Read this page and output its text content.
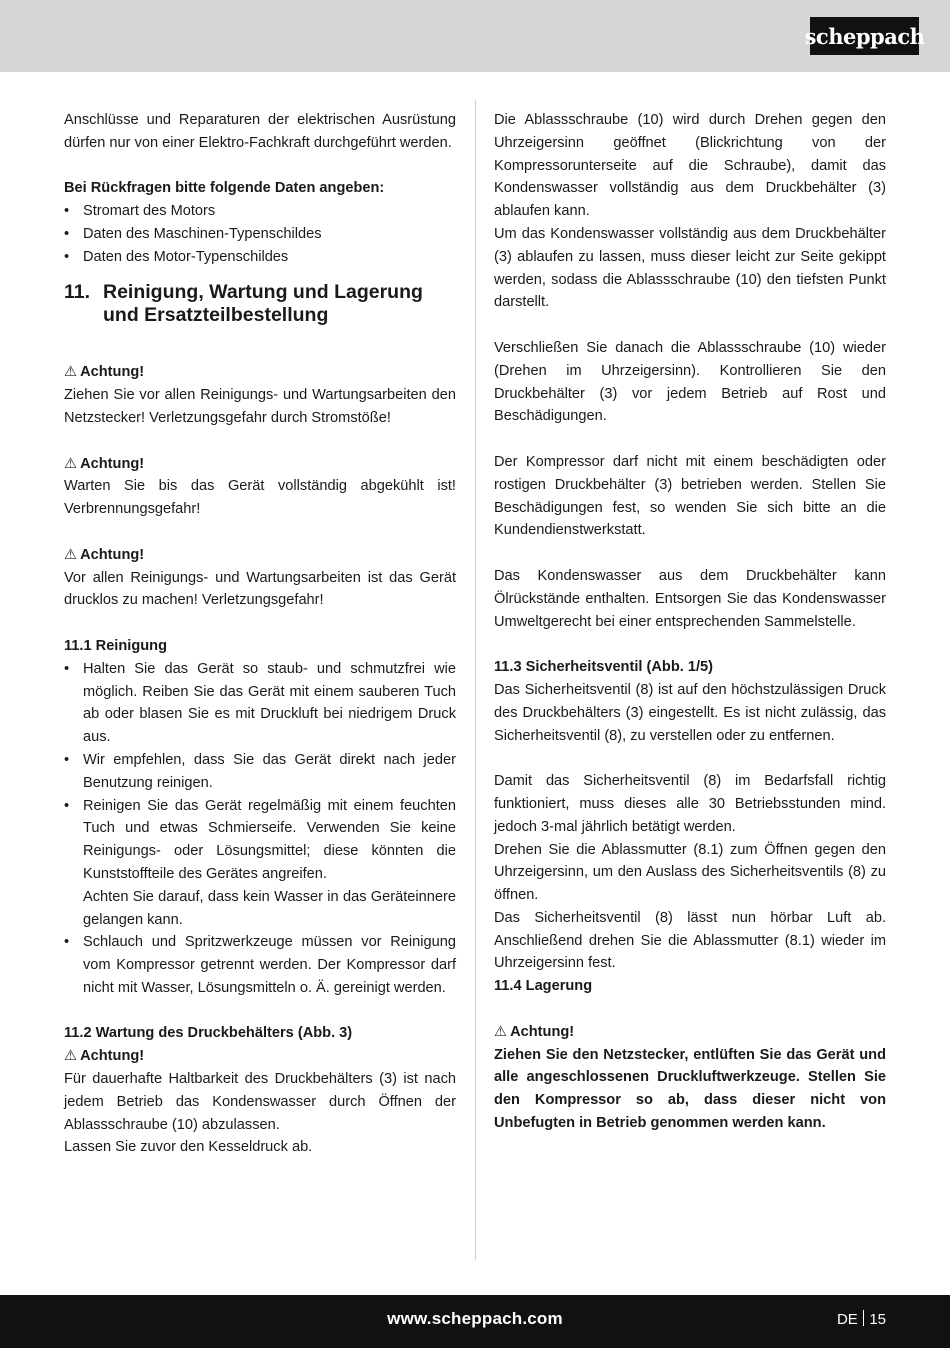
scheppach

Anschlüsse und Reparaturen der elektrischen Ausrüstung dürfen nur von einer Elektro-Fachkraft durchgeführt werden.

Bei Rückfragen bitte folgende Daten angeben:

• Stromart des Motors
• Daten des Maschinen-Typenschildes
• Daten des Motor-Typenschildes
11. Reinigung, Wartung und Lagerung
und Ersatzteilbestellung

⚠ Achtung!

Ziehen Sie vor allen Reinigungs- und Wartungsarbeiten den Netzstecker! Verletzungsgefahr durch Stromstöße!

⚠ Achtung!

Warten Sie bis das Gerät vollständig abgekühlt ist! Verbrennungsgefahr!

⚠ Achtung!

Vor allen Reinigungs- und Wartungsarbeiten ist das Gerät drucklos zu machen! Verletzungsgefahr!

11.1 Reinigung

• Halten Sie das Gerät so staub- und schmutzfrei wie möglich. Reiben Sie das Gerät mit einem sauberen Tuch ab oder blasen Sie es mit Druckluft bei niedrigem Druck aus.
• Wir empfehlen, dass Sie das Gerät direkt nach jeder Benutzung reinigen.
• Reinigen Sie das Gerät regelmäßig mit einem feuchten Tuch und etwas Schmierseife. Verwenden Sie keine Reinigungs- oder Lösungsmittel; diese könnten die Kunststoffteile des Gerätes angreifen.

Achten Sie darauf, dass kein Wasser in das Geräteinnere gelangen kann.

• Schlauch und Spritzwerkzeuge müssen vor Reinigung vom Kompressor getrennt werden. Der Kompressor darf nicht mit Wasser, Lösungsmitteln o. Ä. gereinigt werden.

11.2 Wartung des Druckbehälters (Abb. 3)

⚠ Achtung!

Für dauerhafte Haltbarkeit des Druckbehälters (3) ist nach jedem Betrieb das Kondenswasser durch Öffnen der Ablassschraube (10) abzulassen.

Lassen Sie zuvor den Kesseldruck ab.

Die Ablassschraube (10) wird durch Drehen gegen den Uhrzeigersinn geöffnet (Blickrichtung von der Kompressorunterseite auf die Schraube), damit das Kondenswasser vollständig aus dem Druckbehälter (3) ablaufen kann.

Um das Kondenswasser vollständig aus dem Druckbehälter (3) ablaufen zu lassen, muss dieser leicht zur Seite gekippt werden, sodass die Ablassschraube (10) den tiefsten Punkt darstellt.

Verschließen Sie danach die Ablassschraube (10) wieder (Drehen im Uhrzeigersinn). Kontrollieren Sie den Druckbehälter (3) vor jedem Betrieb auf Rost und Beschädigungen.

Der Kompressor darf nicht mit einem beschädigten oder rostigen Druckbehälter (3) betrieben werden. Stellen Sie Beschädigungen fest, so wenden Sie sich bitte an die Kundendienstwerkstatt.

Das Kondenswasser aus dem Druckbehälter kann Ölrückstände enthalten. Entsorgen Sie das Kondenswasser Umweltgerecht bei einer entsprechenden Sammelstelle.

11.3 Sicherheitsventil (Abb. 1/5)

Das Sicherheitsventil (8) ist auf den höchstzulässigen Druck des Druckbehälters (3) eingestellt. Es ist nicht zulässig, das Sicherheitsventil (8), zu verstellen oder zu entfernen.

Damit das Sicherheitsventil (8) im Bedarfsfall richtig funktioniert, muss dieses alle 30 Betriebsstunden mind. jedoch 3-mal jährlich betätigt werden.

Drehen Sie die Ablassmutter (8.1) zum Öffnen gegen den Uhrzeigersinn, um den Auslass des Sicherheitsventils (8) zu öffnen.

Das Sicherheitsventil (8) lässt nun hörbar Luft ab. Anschließend drehen Sie die Ablassmutter (8.1) wieder im Uhrzeigersinn fest.

11.4 Lagerung

⚠ Achtung!

Ziehen Sie den Netzstecker, entlüften Sie das Gerät und alle angeschlossenen Druckluftwerkzeuge. Stellen Sie den Kompressor so ab, dass dieser nicht von Unbefugten in Betrieb genommen werden kann.

www.scheppach.com	DE 15
